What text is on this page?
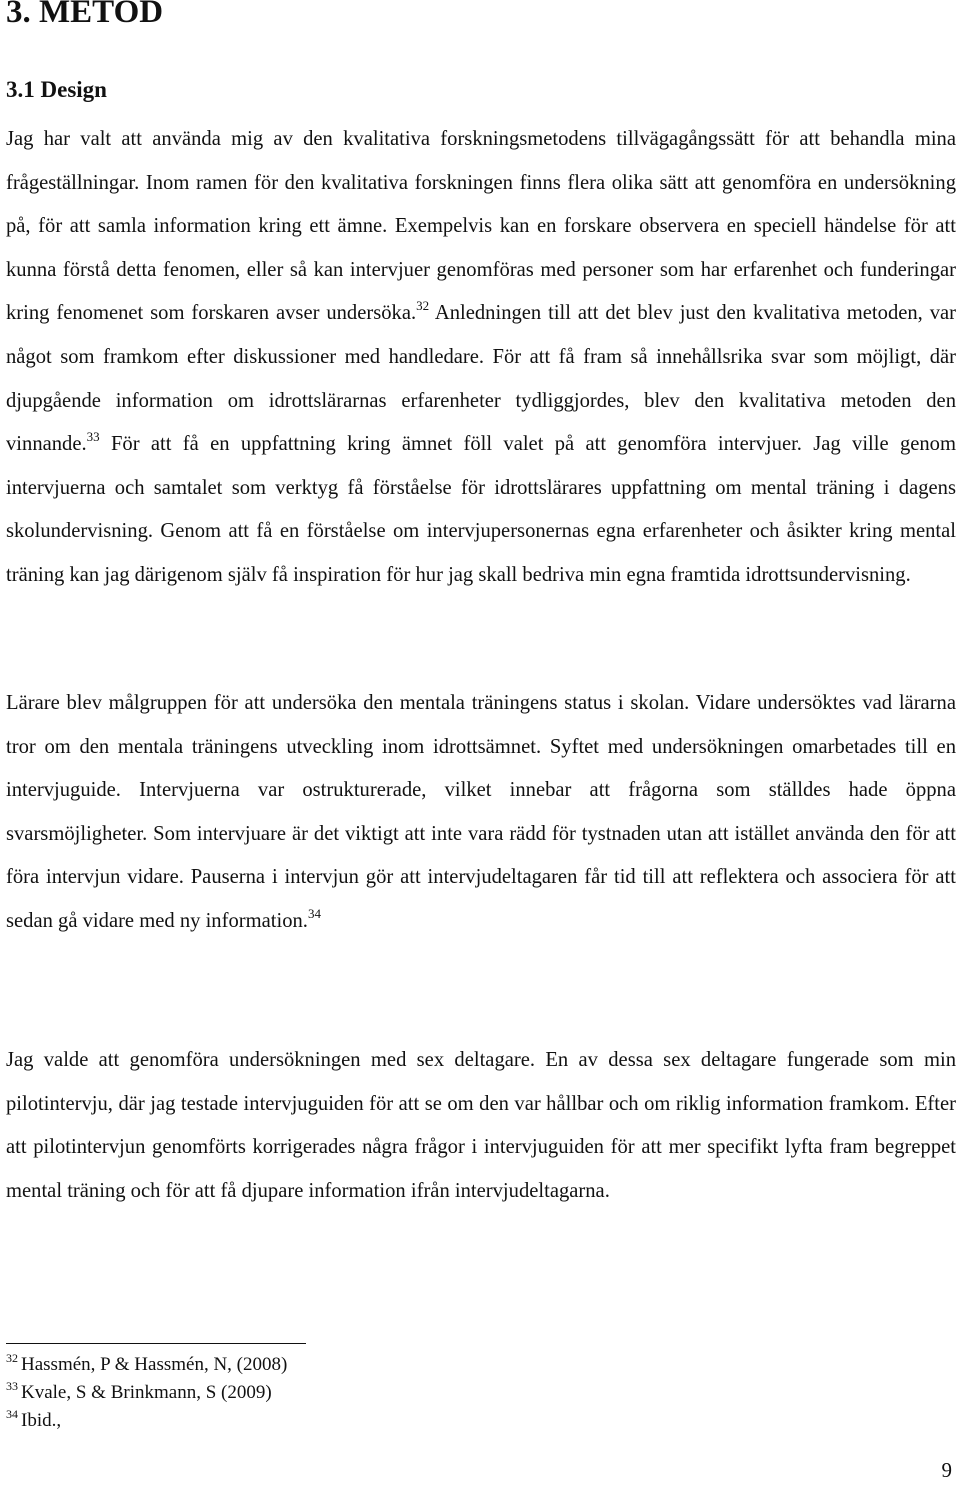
3. METOD
3.1 Design

Jag har valt att använda mig av den kvalitativa forskningsmetodens tillvägagångssätt för att behandla mina frågeställningar. Inom ramen för den kvalitativa forskningen finns flera olika sätt att genomföra en undersökning på, för att samla information kring ett ämne. Exempelvis kan en forskare observera en speciell händelse för att kunna förstå detta fenomen, eller så kan intervjuer genomföras med personer som har erfarenhet och funderingar kring fenomenet som forskaren avser undersöka.$^{32}$ Anledningen till att det blev just den kvalitativa metoden, var något som framkom efter diskussioner med handledare. För att få fram så innehållsrika svar som möjligt, där djupgående information om idrottslärarnas erfarenheter tydliggjordes, blev den kvalitativa metoden den vinnande.$^{33}$ För att få en uppfattning kring ämnet föll valet på att genomföra intervjuer. Jag ville genom intervjuerna och samtalet som verktyg få förståelse för idrottslärares uppfattning om mental träning i dagens skolundervisning. Genom att få en förståelse om intervjupersonernas egna erfarenheter och åsikter kring mental träning kan jag därigenom själv få inspiration för hur jag skall bedriva min egna framtida idrottsundervisning.

Lärare blev målgruppen för att undersöka den mentala träningens status i skolan. Vidare undersöktes vad lärarna tror om den mentala träningens utveckling inom idrottsämnet. Syftet med undersökningen omarbetades till en intervjuguide. Intervjuerna var ostrukturerade, vilket innebar att frågorna som ställdes hade öppna svarsmöjligheter. Som intervjuare är det viktigt att inte vara rädd för tystnaden utan att istället använda den för att föra intervjun vidare. Pauserna i intervjun gör att intervjudeltagaren får tid till att reflektera och associera för att sedan gå vidare med ny information.$^{34}$

Jag valde att genomföra undersökningen med sex deltagare. En av dessa sex deltagare fungerade som min pilotintervju, där jag testade intervjuguiden för att se om den var hållbar och om riklig information framkom. Efter att pilotintervjun genomförts korrigerades några frågor i intervjuguiden för att mer specifikt lyfta fram begreppet mental träning och för att få djupare information ifrån intervjudeltagarna.

$^{32}$ Hassmén, P & Hassmén, N, (2008)
$^{33}$ Kvale, S & Brinkmann, S (2009)
$^{34}$ Ibid.,
9
